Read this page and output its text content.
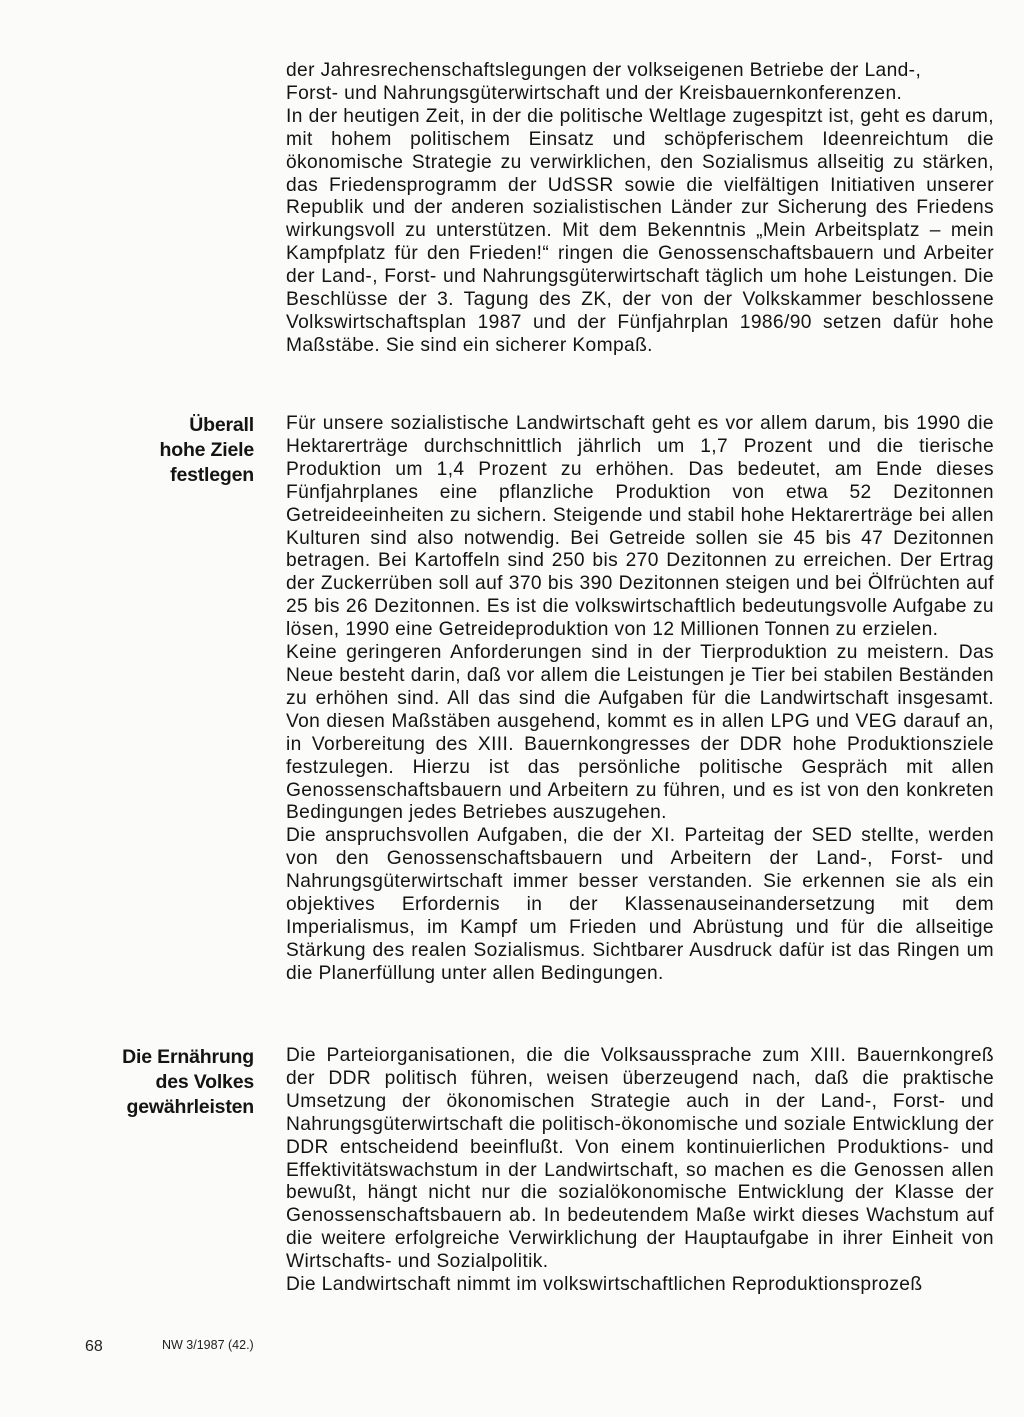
der Jahresrechenschaftslegungen der volkseigenen Betriebe der Land-,
Forst- und Nahrungsgüterwirtschaft und der Kreisbauernkonferenzen.

In der heutigen Zeit, in der die politische Weltlage zugespitzt ist, geht es darum, mit hohem politischem Einsatz und schöpferischem Ideenreichtum die ökonomische Strategie zu verwirklichen, den Sozialismus allseitig zu stärken, das Friedensprogramm der UdSSR sowie die vielfältigen Initiativen unserer Republik und der anderen sozialistischen Länder zur Sicherung des Friedens wirkungsvoll zu unterstützen. Mit dem Bekenntnis „Mein Arbeitsplatz – mein Kampfplatz für den Frieden!“ ringen die Genossenschaftsbauern und Arbeiter der Land-, Forst- und Nahrungsgüterwirtschaft täglich um hohe Leistungen. Die Beschlüsse der 3. Tagung des ZK, der von der Volkskammer beschlossene Volkswirtschaftsplan 1987 und der Fünfjahrplan 1986/90 setzen dafür hohe Maßstäbe. Sie sind ein sicherer Kompaß.

Überall
hohe Ziele
festlegen

Für unsere sozialistische Landwirtschaft geht es vor allem darum, bis 1990 die Hektarerträge durchschnittlich jährlich um 1,7 Prozent und die tierische Produktion um 1,4 Prozent zu erhöhen. Das bedeutet, am Ende dieses Fünfjahrplanes eine pflanzliche Produktion von etwa 52 Dezitonnen Getreideeinheiten zu sichern. Steigende und stabil hohe Hektarerträge bei allen Kulturen sind also notwendig. Bei Getreide sollen sie 45 bis 47 Dezitonnen betragen. Bei Kartoffeln sind 250 bis 270 Dezitonnen zu erreichen. Der Ertrag der Zuckerrüben soll auf 370 bis 390 Dezitonnen steigen und bei Ölfrüchten auf 25 bis 26 Dezitonnen. Es ist die volkswirtschaftlich bedeutungsvolle Aufgabe zu lösen, 1990 eine Getreideproduktion von 12 Millionen Tonnen zu erzielen.

Keine geringeren Anforderungen sind in der Tierproduktion zu meistern. Das Neue besteht darin, daß vor allem die Leistungen je Tier bei stabilen Beständen zu erhöhen sind. All das sind die Aufgaben für die Landwirtschaft insgesamt. Von diesen Maßstäben ausgehend, kommt es in allen LPG und VEG darauf an, in Vorbereitung des XIII. Bauernkongresses der DDR hohe Produktionsziele festzulegen. Hierzu ist das persönliche politische Gespräch mit allen Genossenschaftsbauern und Arbeitern zu führen, und es ist von den konkreten Bedingungen jedes Betriebes auszugehen.

Die anspruchsvollen Aufgaben, die der XI. Parteitag der SED stellte, werden von den Genossenschaftsbauern und Arbeitern der Land-, Forst- und Nahrungsgüterwirtschaft immer besser verstanden. Sie erkennen sie als ein objektives Erfordernis in der Klassenauseinandersetzung mit dem Imperialismus, im Kampf um Frieden und Abrüstung und für die allseitige Stärkung des realen Sozialismus. Sichtbarer Ausdruck dafür ist das Ringen um die Planerfüllung unter allen Bedingungen.

Die Ernährung
des Volkes
gewährleisten

Die Parteiorganisationen, die die Volksaussprache zum XIII. Bauernkongreß der DDR politisch führen, weisen überzeugend nach, daß die praktische Umsetzung der ökonomischen Strategie auch in der Land-, Forst- und Nahrungsgüterwirtschaft die politisch-ökonomische und soziale Entwicklung der DDR entscheidend beeinflußt. Von einem kontinuierlichen Produktions- und Effektivitätswachstum in der Landwirtschaft, so machen es die Genossen allen bewußt, hängt nicht nur die sozialökonomische Entwicklung der Klasse der Genossenschaftsbauern ab. In bedeutendem Maße wirkt dieses Wachstum auf die weitere erfolgreiche Verwirklichung der Hauptaufgabe in ihrer Einheit von Wirtschafts- und Sozialpolitik.

Die Landwirtschaft nimmt im volkswirtschaftlichen Reproduktionsprozeß

68	NW 3/1987 (42.)
